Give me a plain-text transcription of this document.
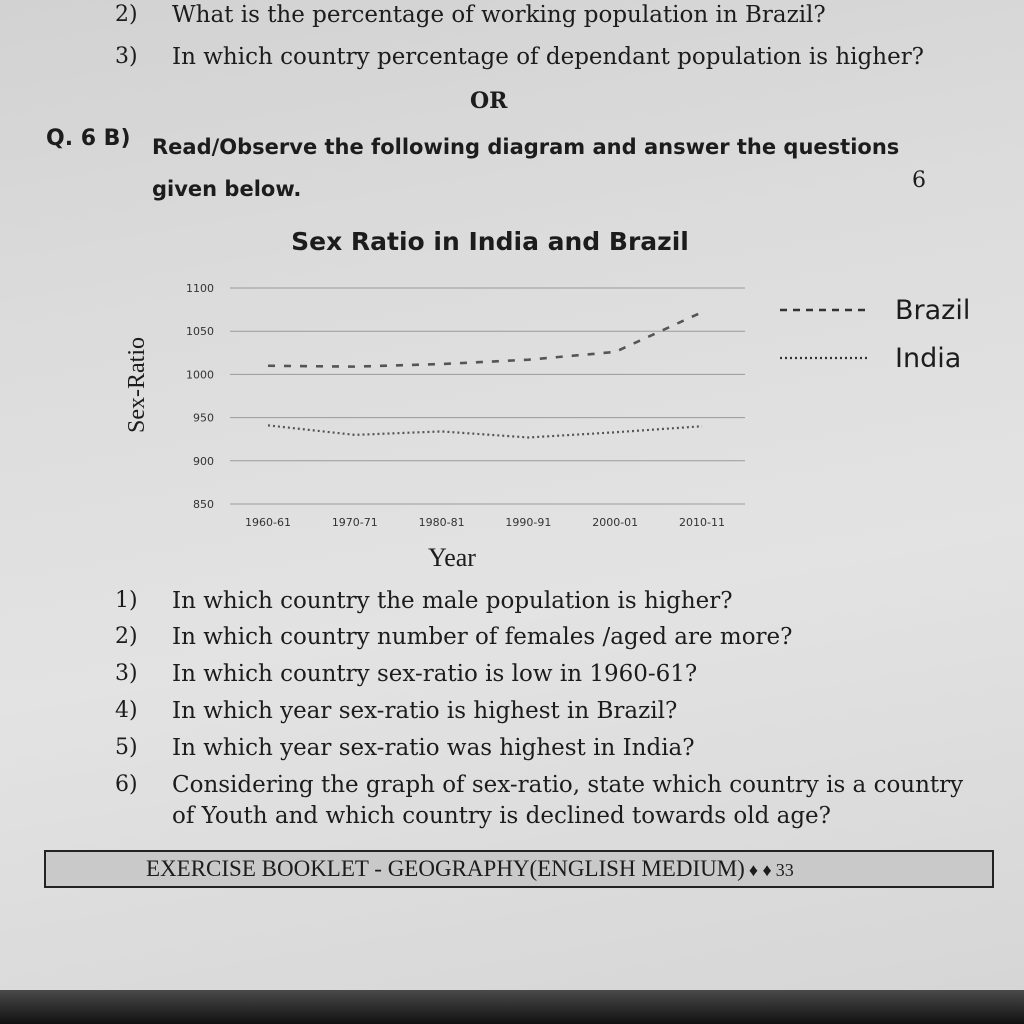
2) What is the percentage of working population in Brazil?
3) In which country percentage of dependant population is higher?
OR
Q. 6 B) Read/Observe the following diagram and answer the questions given below.	6
Sex Ratio in India and Brazil
Sex-Ratio
Year
850
900
950
1000
1050
1100
1960-61	1970-71	1980-81	1990-91	2000-01	2010-11
Brazil
India
1) In which country the male population is higher?
2) In which country number of females /aged are more?
3) In which country sex-ratio is low in 1960-61?
4) In which year sex-ratio is highest in Brazil?
5) In which year sex-ratio was highest in India?
6) Considering the graph of sex-ratio, state which country is a country
of Youth and which country is declined towards old age?
EXERCISE BOOKLET - GEOGRAPHY(ENGLISH MEDIUM) ♦ ♦ 33
